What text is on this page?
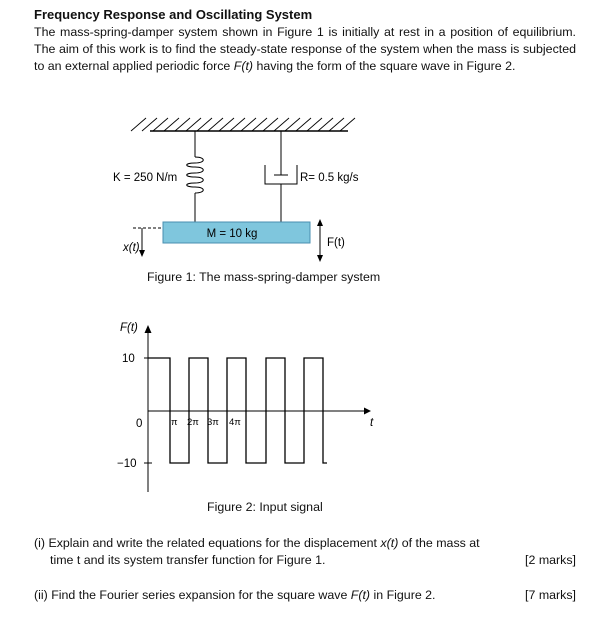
Frequency Response and Oscillating System
The mass-spring-damper system shown in Figure 1 is initially at rest in a position of equilibrium. The aim of this work is to find the steady-state response of the system when the mass is subjected to an external applied periodic force F(t) having the form of the square wave in Figure 2.
M = 10 kg
K = 250 N/m	R= 0.5 kg/s
x(t)	F(t)
F(t)
t
10
0
−10
π 2π 3π 4π
Figure 1: The mass-spring-damper system
Figure 2: Input signal
(i) Explain and write the related equations for the displacement x(t) of the mass at time t and its system transfer function for Figure 1.	[2 marks]
(ii) Find the Fourier series expansion for the square wave F(t) in Figure 2.	[7 marks]
